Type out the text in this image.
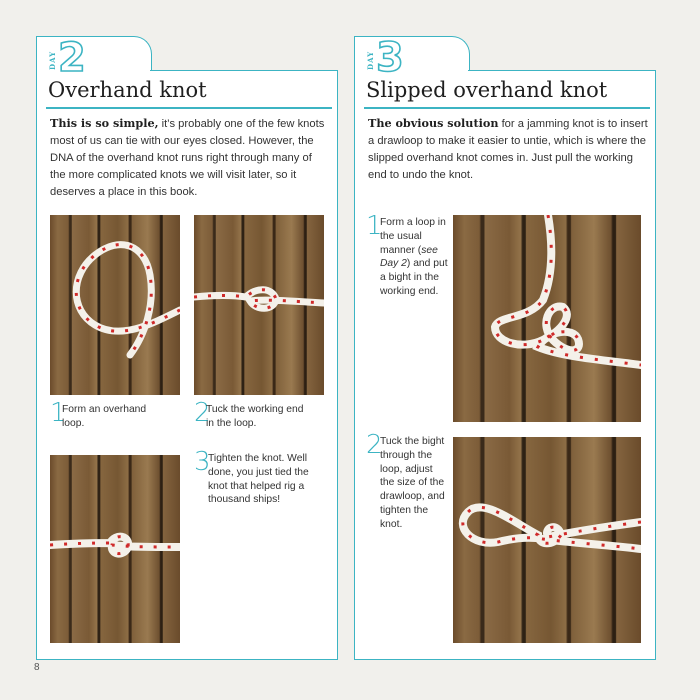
DAY 2
Overhand knot

This is so simple, it’s probably one of the few knots most of us can tie with our eyes closed. However, the DNA of the overhand knot runs right through many of the more complicated knots we will visit later, so it deserves a place in this book.

1
Form an overhand loop.	2
Tuck the working end in the loop.
3
Tighten the knot. Well done, you just tied the knot that helped rig a thousand ships!
DAY 3
Slipped overhand knot

The obvious solution for a jamming knot is to insert a drawloop to make it easier to untie, which is where the slipped overhand knot comes in. Just pull the working end to undo the knot.

1
Form a loop in the usual manner (see Day 2) and put a bight in the working end.
2
Tuck the bight through the loop, adjust the size of the drawloop, and tighten the knot.
8
